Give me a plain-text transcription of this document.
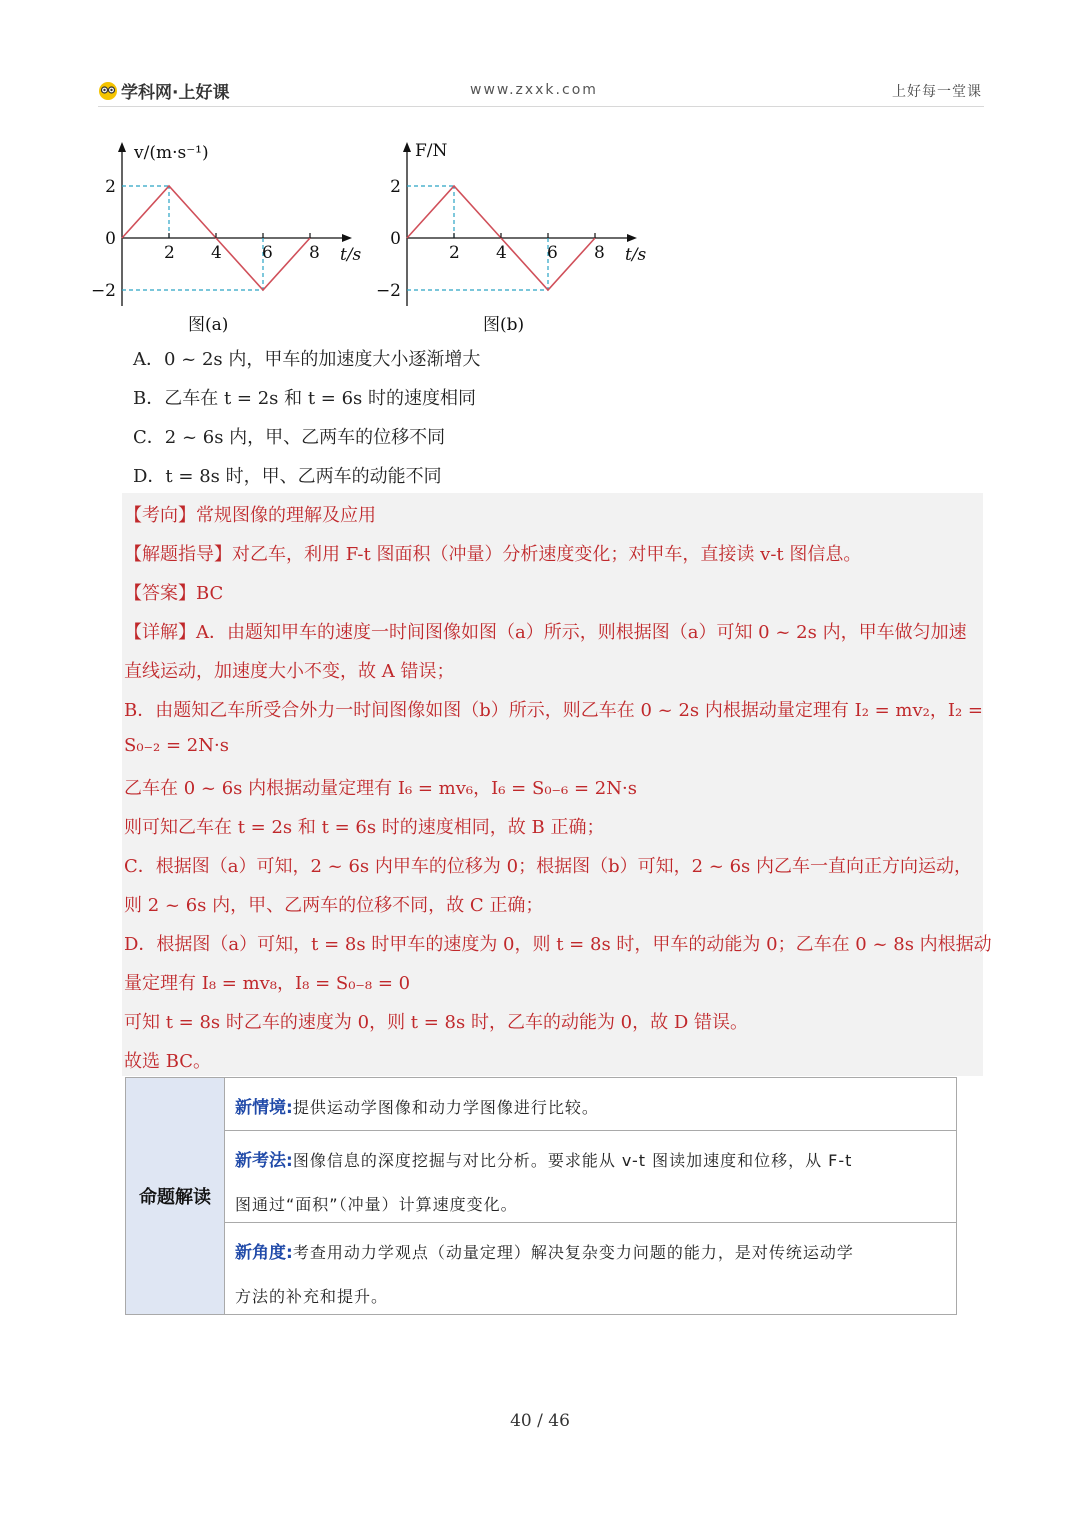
学科网·上好课	www.zxxk.com	上好每一堂课
2
0
−2
2 4 6 8
v/(m·s⁻¹)
t/s
图(a)
2
0
−2
2 4 6 8
F/N
t/s
图(b)
A．0 ~ 2s 内，甲车的加速度大小逐渐增大
B．乙车在 t = 2s 和 t = 6s 时的速度相同
C．2 ~ 6s 内，甲、乙两车的位移不同
D．t = 8s 时，甲、乙两车的动能不同
【考向】常规图像的理解及应用
【解题指导】对乙车，利用 F-t 图面积（冲量）分析速度变化；对甲车，直接读 v-t 图信息。
【答案】BC
【详解】A．由题知甲车的速度一时间图像如图（a）所示，则根据图（a）可知 0 ~ 2s 内，甲车做匀加速
直线运动，加速度大小不变，故 A 错误；
B．由题知乙车所受合外力一时间图像如图（b）所示，则乙车在 0 ~ 2s 内根据动量定理有 I₂ = mv₂，I₂ =
S₀₋₂ = 2N·s
乙车在 0 ~ 6s 内根据动量定理有 I₆ = mv₆，I₆ = S₀₋₆ = 2N·s
则可知乙车在 t = 2s 和 t = 6s 时的速度相同，故 B 正确；
C．根据图（a）可知，2 ~ 6s 内甲车的位移为 0；根据图（b）可知，2 ~ 6s 内乙车一直向正方向运动，
则 2 ~ 6s 内，甲、乙两车的位移不同，故 C 正确；
D．根据图（a）可知，t = 8s 时甲车的速度为 0，则 t = 8s 时，甲车的动能为 0；乙车在 0 ~ 8s 内根据动
量定理有 I₈ = mv₈，I₈ = S₀₋₈ = 0
可知 t = 8s 时乙车的速度为 0，则 t = 8s 时，乙车的动能为 0，故 D 错误。
故选 BC。
命题解读
新情境:提供运动学图像和动力学图像进行比较。
新考法:图像信息的深度挖掘与对比分析。要求能从 v-t 图读加速度和位移，从 F-t
图通过“面积”（冲量）计算速度变化。
新角度:考查用动力学观点（动量定理）解决复杂变力问题的能力，是对传统运动学
方法的补充和提升。
40 / 46
